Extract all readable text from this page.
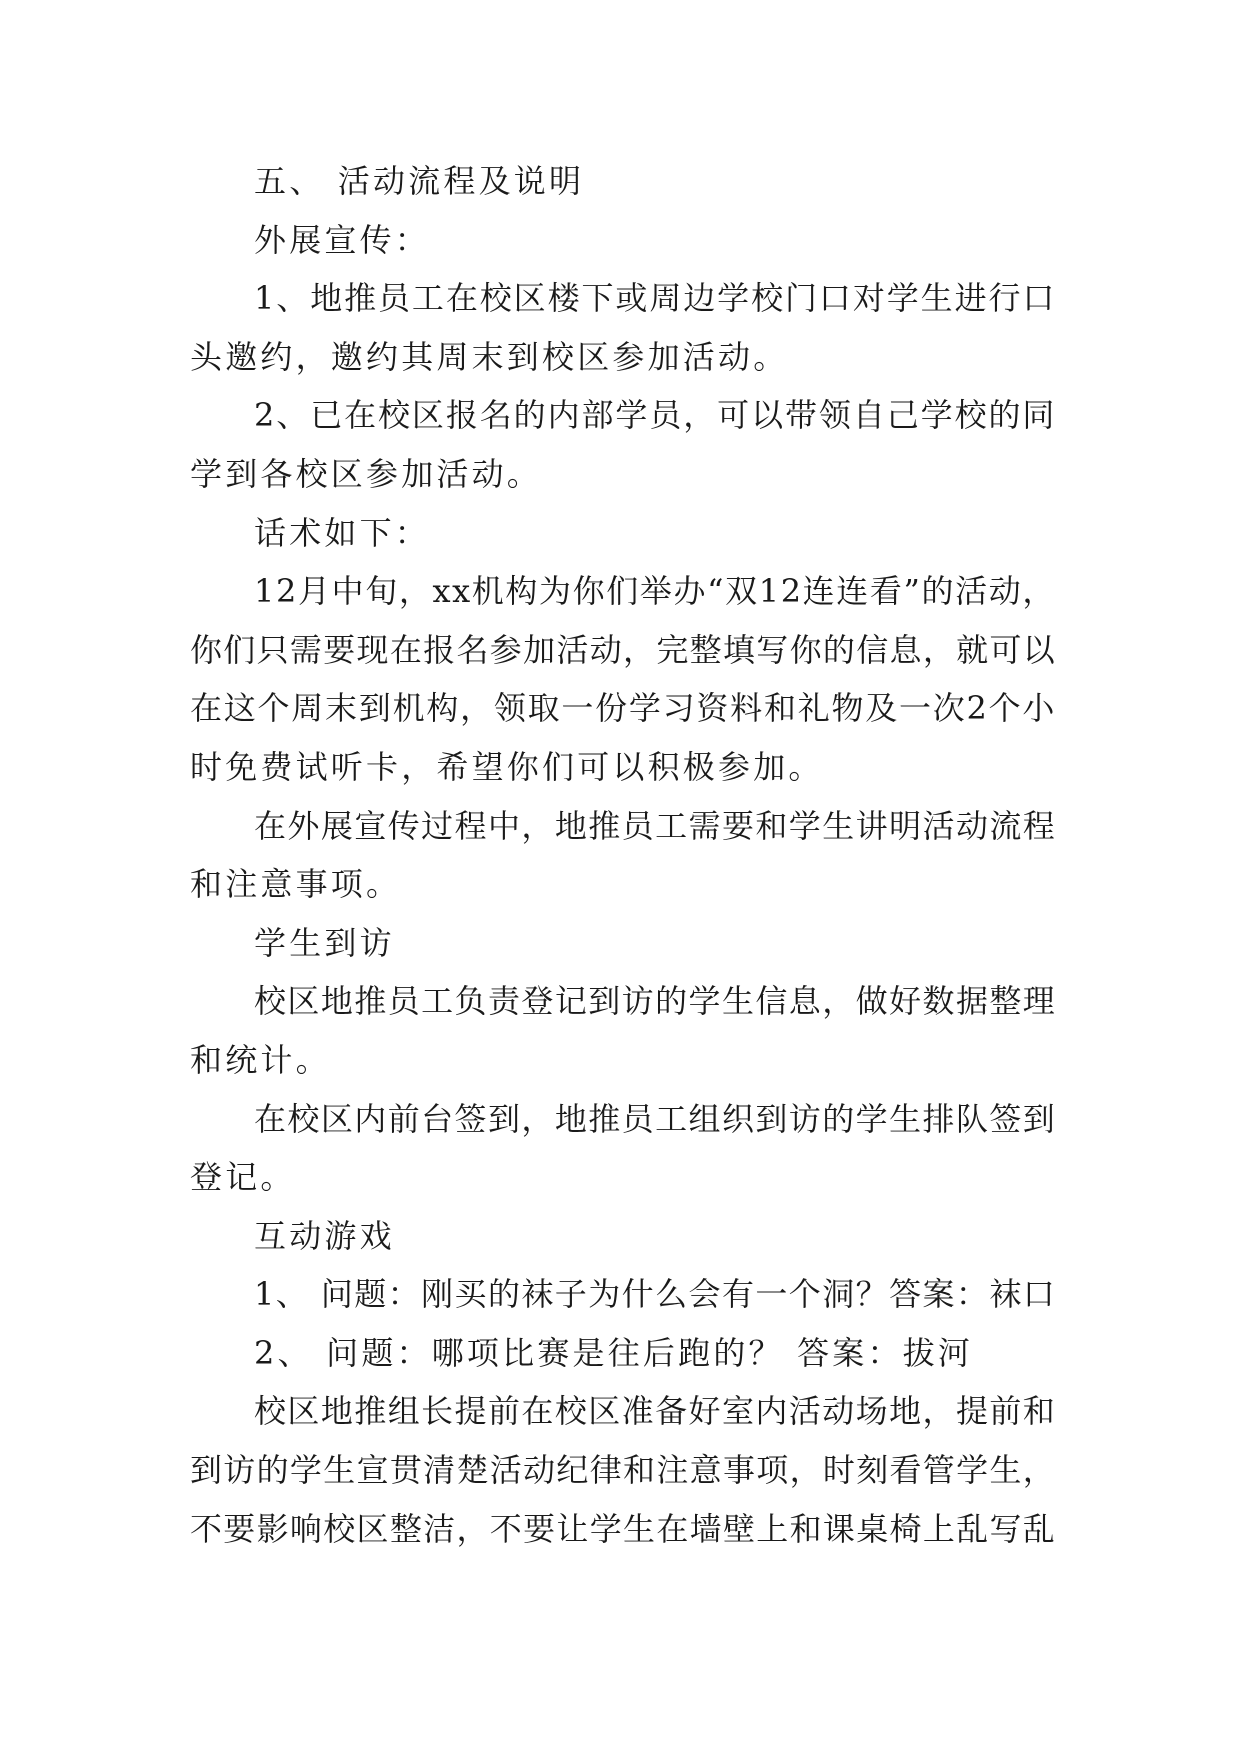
五、 活动流程及说明
外展宣传：
1、地推员工在校区楼下或周边学校门口对学生进行口
头邀约，邀约其周末到校区参加活动。
2、已在校区报名的内部学员，可以带领自己学校的同
学到各校区参加活动。
话术如下：
12月中旬，xx机构为你们举办“双12连连看”的活动，
你们只需要现在报名参加活动，完整填写你的信息，就可以
在这个周末到机构，领取一份学习资料和礼物及一次2个小
时免费试听卡，希望你们可以积极参加。
在外展宣传过程中，地推员工需要和学生讲明活动流程
和注意事项。
学生到访
校区地推员工负责登记到访的学生信息，做好数据整理
和统计。
在校区内前台签到，地推员工组织到访的学生排队签到
登记。
互动游戏
1、 问题：刚买的袜子为什么会有一个洞？答案：袜口
2、 问题：哪项比赛是往后跑的？ 答案：拔河
校区地推组长提前在校区准备好室内活动场地，提前和
到访的学生宣贯清楚活动纪律和注意事项，时刻看管学生，
不要影响校区整洁，不要让学生在墙壁上和课桌椅上乱写乱
